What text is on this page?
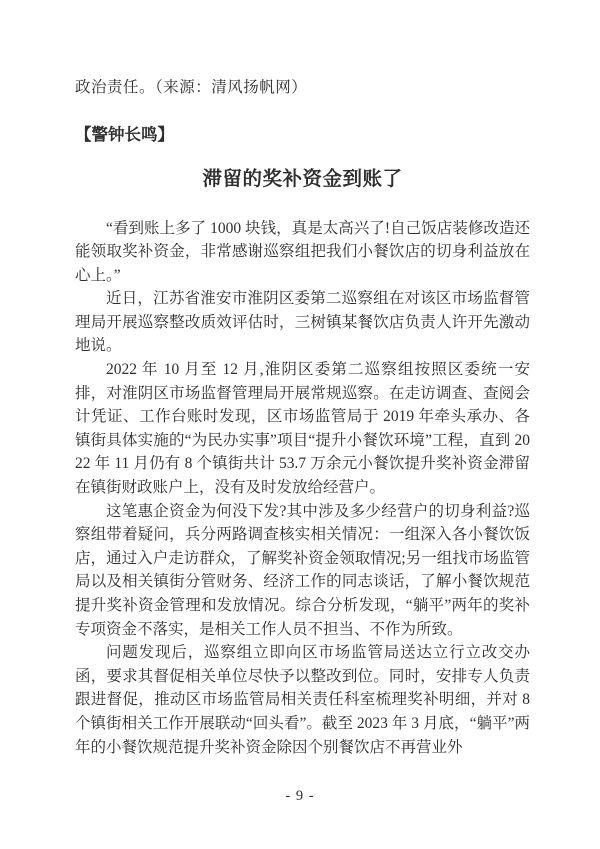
政治责任。（来源：清风扬帆网）
【警钟长鸣】
滞留的奖补资金到账了

“看到账上多了 1000 块钱，真是太高兴了!自己饭店装修改造还能领取奖补资金，非常感谢巡察组把我们小餐饮店的切身利益放在心上。”

近日，江苏省淮安市淮阴区委第二巡察组在对该区市场监督管理局开展巡察整改质效评估时，三树镇某餐饮店负责人许开先激动地说。

2022 年 10 月至 12 月,淮阴区委第二巡察组按照区委统一安排，对淮阴区市场监督管理局开展常规巡察。在走访调查、查阅会计凭证、工作台账时发现，区市场监管局于 2019 年牵头承办、各镇街具体实施的“为民办实事”项目“提升小餐饮环境”工程，直到 2022 年 11 月仍有 8 个镇街共计 53.7 万余元小餐饮提升奖补资金滞留在镇街财政账户上，没有及时发放给经营户。

这笔惠企资金为何没下发?其中涉及多少经营户的切身利益?巡察组带着疑问，兵分两路调查核实相关情况：一组深入各小餐饮饭店，通过入户走访群众，了解奖补资金领取情况;另一组找市场监管局以及相关镇街分管财务、经济工作的同志谈话，了解小餐饮规范提升奖补资金管理和发放情况。综合分析发现，“躺平”两年的奖补专项资金不落实，是相关工作人员不担当、不作为所致。

问题发现后，巡察组立即向区市场监管局送达立行立改交办函，要求其督促相关单位尽快予以整改到位。同时，安排专人负责跟进督促，推动区市场监管局相关责任科室梳理奖补明细，并对 8 个镇街相关工作开展联动“回头看”。截至 2023 年 3 月底，“躺平”两年的小餐饮规范提升奖补资金除因个别餐饮店不再营业外

- 9 -
